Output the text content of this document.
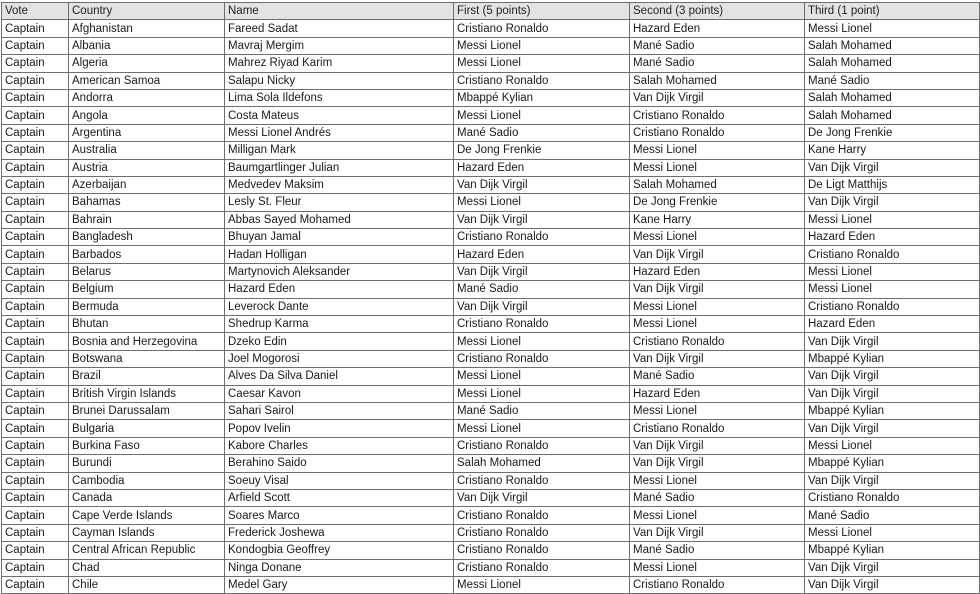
Vote	Country	Name	First (5 points)	Second (3 points)	Third (1 point)
Captain	Afghanistan	Fareed Sadat	Cristiano Ronaldo	Hazard Eden	Messi Lionel
Captain	Albania	Mavraj Mergim	Messi Lionel	Mané Sadio	Salah Mohamed
Captain	Algeria	Mahrez Riyad Karim	Messi Lionel	Mané Sadio	Salah Mohamed
Captain	American Samoa	Salapu Nicky	Cristiano Ronaldo	Salah Mohamed	Mané Sadio
Captain	Andorra	Lima Sola Ildefons	Mbappé Kylian	Van Dijk Virgil	Salah Mohamed
Captain	Angola	Costa Mateus	Messi Lionel	Cristiano Ronaldo	Salah Mohamed
Captain	Argentina	Messi Lionel Andrés	Mané Sadio	Cristiano Ronaldo	De Jong Frenkie
Captain	Australia	Milligan Mark	De Jong Frenkie	Messi Lionel	Kane Harry
Captain	Austria	Baumgartlinger Julian	Hazard Eden	Messi Lionel	Van Dijk Virgil
Captain	Azerbaijan	Medvedev Maksim	Van Dijk Virgil	Salah Mohamed	De Ligt Matthijs
Captain	Bahamas	Lesly St. Fleur	Messi Lionel	De Jong Frenkie	Van Dijk Virgil
Captain	Bahrain	Abbas Sayed Mohamed	Van Dijk Virgil	Kane Harry	Messi Lionel
Captain	Bangladesh	Bhuyan Jamal	Cristiano Ronaldo	Messi Lionel	Hazard Eden
Captain	Barbados	Hadan Holligan	Hazard Eden	Van Dijk Virgil	Cristiano Ronaldo
Captain	Belarus	Martynovich Aleksander	Van Dijk Virgil	Hazard Eden	Messi Lionel
Captain	Belgium	Hazard Eden	Mané Sadio	Van Dijk Virgil	Messi Lionel
Captain	Bermuda	Leverock Dante	Van Dijk Virgil	Messi Lionel	Cristiano Ronaldo
Captain	Bhutan	Shedrup Karma	Cristiano Ronaldo	Messi Lionel	Hazard Eden
Captain	Bosnia and Herzegovina	Dzeko Edin	Messi Lionel	Cristiano Ronaldo	Van Dijk Virgil
Captain	Botswana	Joel Mogorosi	Cristiano Ronaldo	Van Dijk Virgil	Mbappé Kylian
Captain	Brazil	Alves Da Silva Daniel	Messi Lionel	Mané Sadio	Van Dijk Virgil
Captain	British Virgin Islands	Caesar Kavon	Messi Lionel	Hazard Eden	Van Dijk Virgil
Captain	Brunei Darussalam	Sahari Sairol	Mané Sadio	Messi Lionel	Mbappé Kylian
Captain	Bulgaria	Popov Ivelin	Messi Lionel	Cristiano Ronaldo	Van Dijk Virgil
Captain	Burkina Faso	Kabore Charles	Cristiano Ronaldo	Van Dijk Virgil	Messi Lionel
Captain	Burundi	Berahino Saido	Salah Mohamed	Van Dijk Virgil	Mbappé Kylian
Captain	Cambodia	Soeuy Visal	Cristiano Ronaldo	Messi Lionel	Van Dijk Virgil
Captain	Canada	Arfield Scott	Van Dijk Virgil	Mané Sadio	Cristiano Ronaldo
Captain	Cape Verde Islands	Soares Marco	Cristiano Ronaldo	Messi Lionel	Mané Sadio
Captain	Cayman Islands	Frederick Joshewa	Cristiano Ronaldo	Van Dijk Virgil	Messi Lionel
Captain	Central African Republic	Kondogbia Geoffrey	Cristiano Ronaldo	Mané Sadio	Mbappé Kylian
Captain	Chad	Ninga Donane	Cristiano Ronaldo	Messi Lionel	Van Dijk Virgil
Captain	Chile	Medel Gary	Messi Lionel	Cristiano Ronaldo	Van Dijk Virgil
